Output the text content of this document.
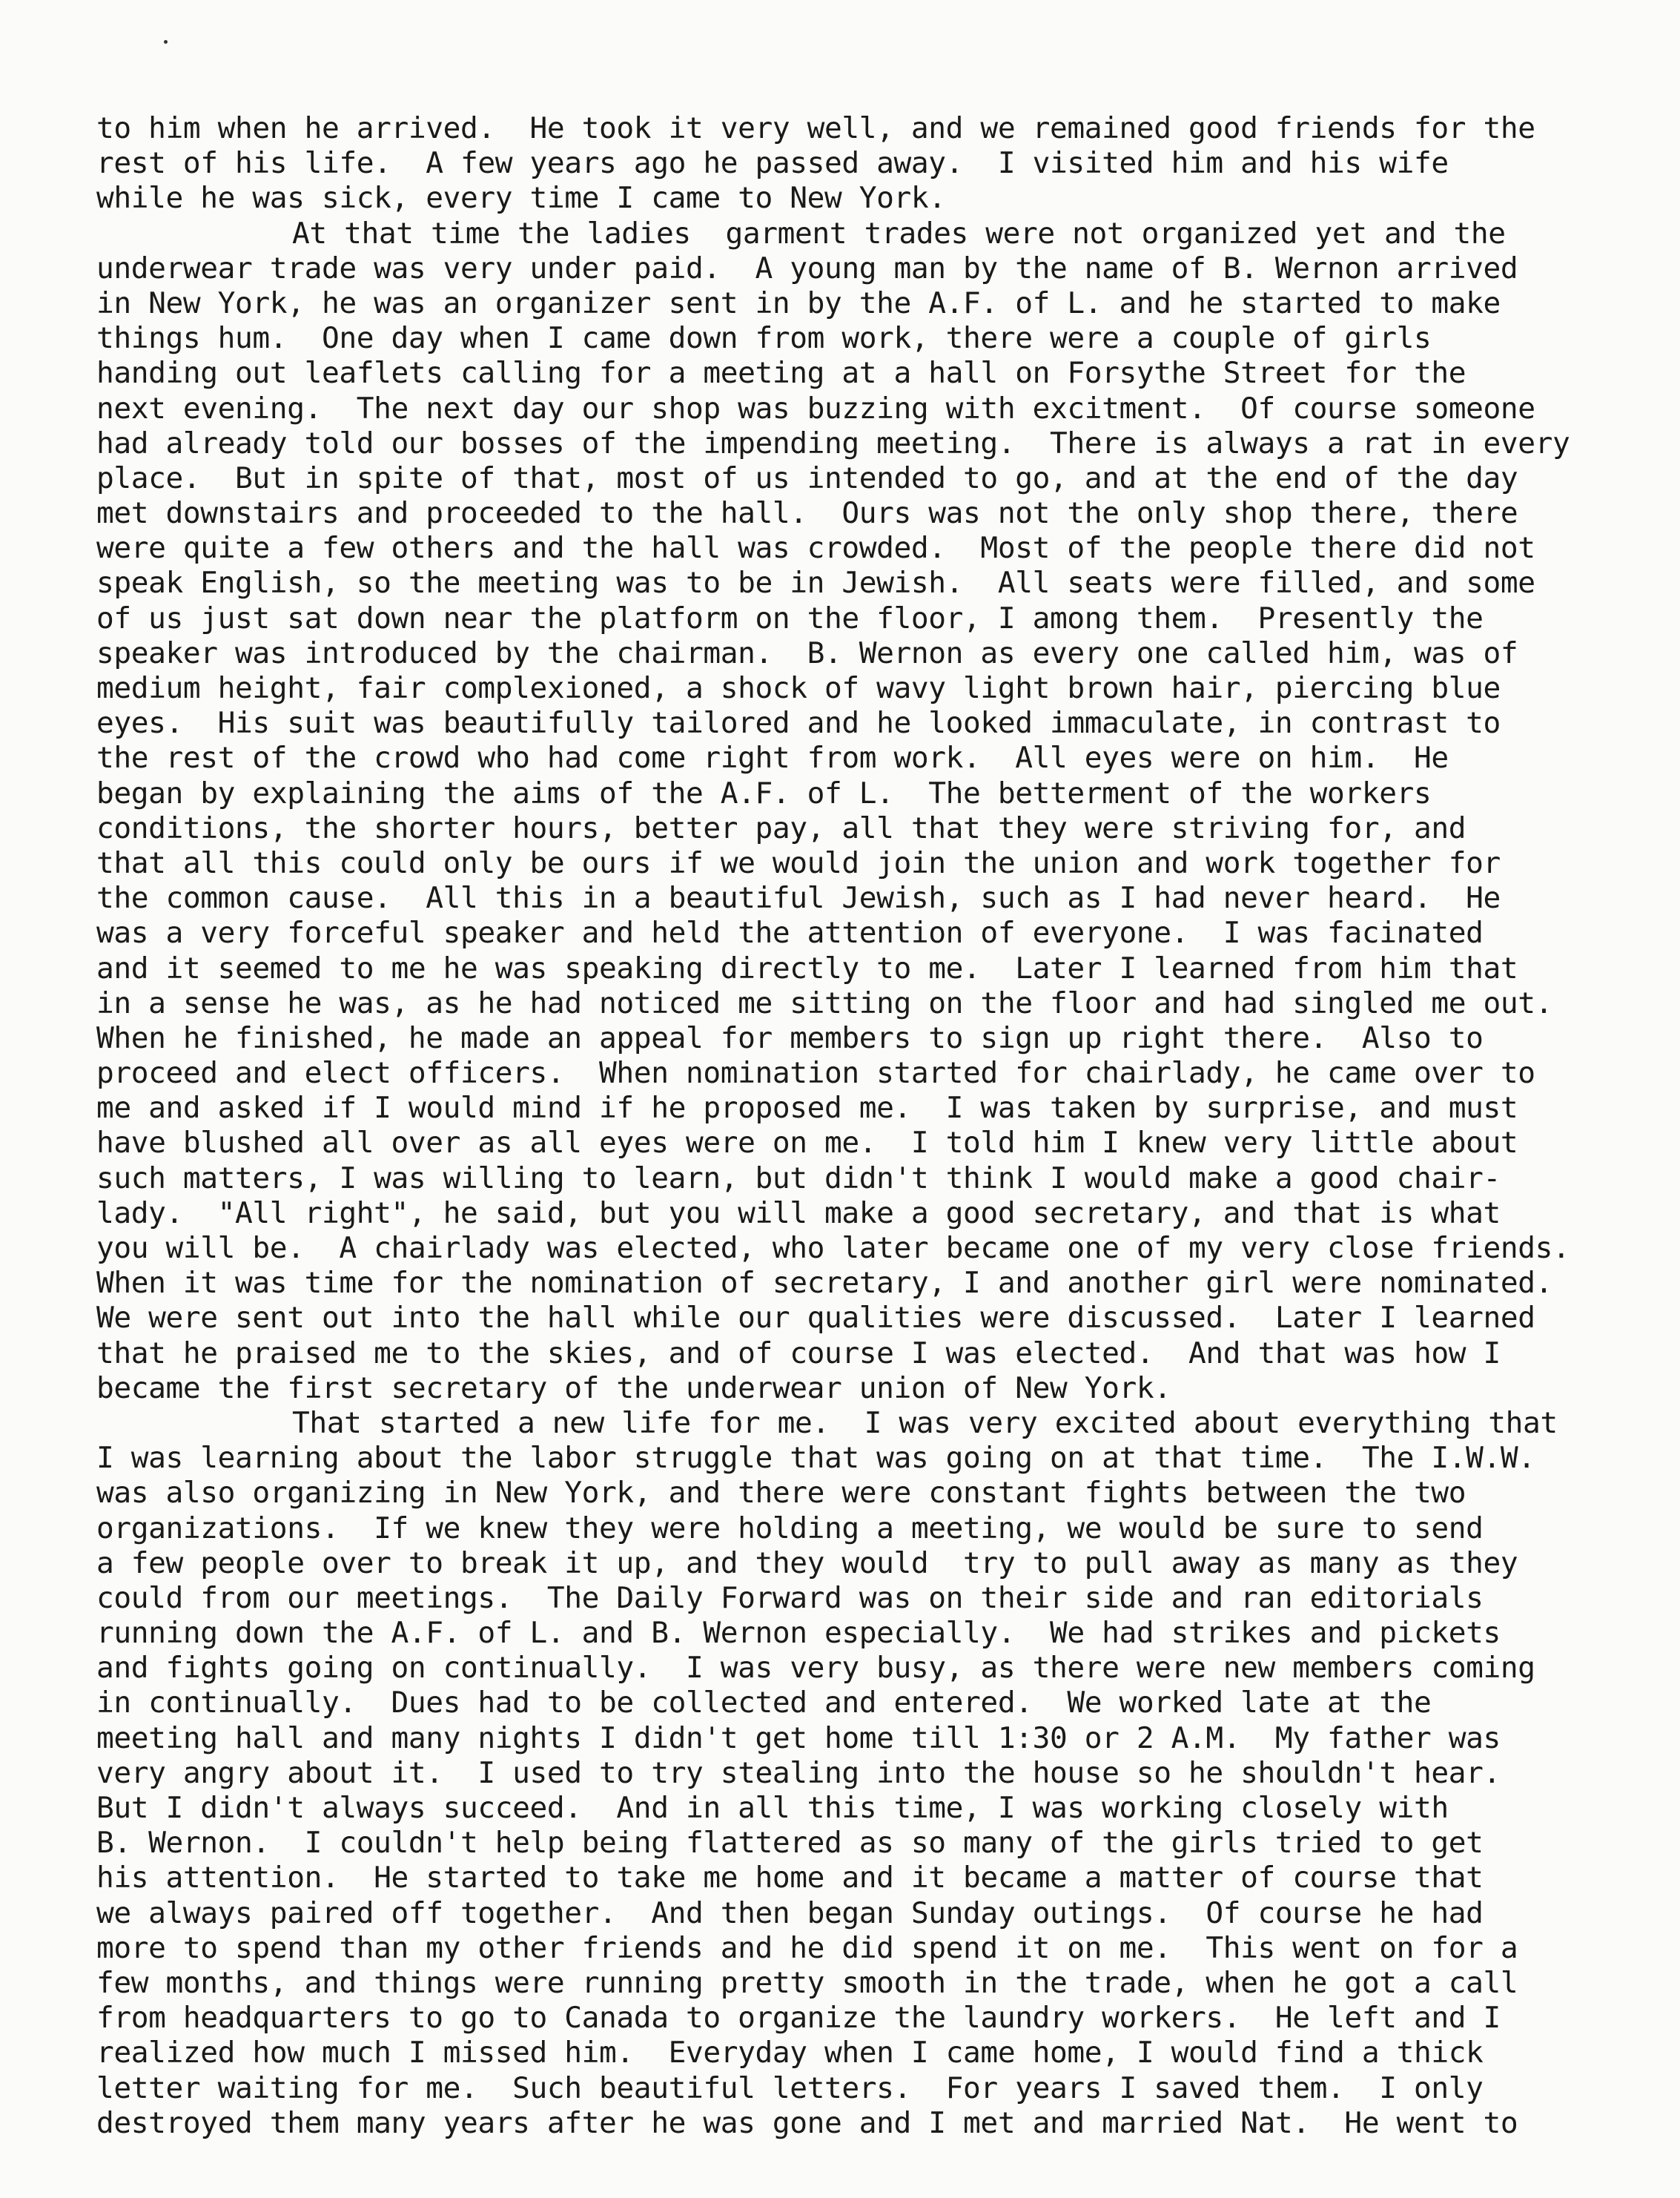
to him when he arrived.  He took it very well, and we remained good friends for the
rest of his life.  A few years ago he passed away.  I visited him and his wife
while he was sick, every time I came to New York.
At that time the ladies  garment trades were not organized yet and the
underwear trade was very under paid.  A young man by the name of B. Wernon arrived
in New York, he was an organizer sent in by the A.F. of L. and he started to make
things hum.  One day when I came down from work, there were a couple of girls
handing out leaflets calling for a meeting at a hall on Forsythe Street for the
next evening.  The next day our shop was buzzing with excitment.  Of course someone
had already told our bosses of the impending meeting.  There is always a rat in every
place.  But in spite of that, most of us intended to go, and at the end of the day
met downstairs and proceeded to the hall.  Ours was not the only shop there, there
were quite a few others and the hall was crowded.  Most of the people there did not
speak English, so the meeting was to be in Jewish.  All seats were filled, and some
of us just sat down near the platform on the floor, I among them.  Presently the
speaker was introduced by the chairman.  B. Wernon as every one called him, was of
medium height, fair complexioned, a shock of wavy light brown hair, piercing blue
eyes.  His suit was beautifully tailored and he looked immaculate, in contrast to
the rest of the crowd who had come right from work.  All eyes were on him.  He
began by explaining the aims of the A.F. of L.  The betterment of the workers
conditions, the shorter hours, better pay, all that they were striving for, and
that all this could only be ours if we would join the union and work together for
the common cause.  All this in a beautiful Jewish, such as I had never heard.  He
was a very forceful speaker and held the attention of everyone.  I was facinated
and it seemed to me he was speaking directly to me.  Later I learned from him that
in a sense he was, as he had noticed me sitting on the floor and had singled me out.
When he finished, he made an appeal for members to sign up right there.  Also to
proceed and elect officers.  When nomination started for chairlady, he came over to
me and asked if I would mind if he proposed me.  I was taken by surprise, and must
have blushed all over as all eyes were on me.  I told him I knew very little about
such matters, I was willing to learn, but didn't think I would make a good chair-
lady.  "All right", he said, but you will make a good secretary, and that is what
you will be.  A chairlady was elected, who later became one of my very close friends.
When it was time for the nomination of secretary, I and another girl were nominated.
We were sent out into the hall while our qualities were discussed.  Later I learned
that he praised me to the skies, and of course I was elected.  And that was how I
became the first secretary of the underwear union of New York.
That started a new life for me.  I was very excited about everything that
I was learning about the labor struggle that was going on at that time.  The I.W.W.
was also organizing in New York, and there were constant fights between the two
organizations.  If we knew they were holding a meeting, we would be sure to send
a few people over to break it up, and they would  try to pull away as many as they
could from our meetings.  The Daily Forward was on their side and ran editorials
running down the A.F. of L. and B. Wernon especially.  We had strikes and pickets
and fights going on continually.  I was very busy, as there were new members coming
in continually.  Dues had to be collected and entered.  We worked late at the
meeting hall and many nights I didn't get home till 1:30 or 2 A.M.  My father was
very angry about it.  I used to try stealing into the house so he shouldn't hear.
But I didn't always succeed.  And in all this time, I was working closely with
B. Wernon.  I couldn't help being flattered as so many of the girls tried to get
his attention.  He started to take me home and it became a matter of course that
we always paired off together.  And then began Sunday outings.  Of course he had
more to spend than my other friends and he did spend it on me.  This went on for a
few months, and things were running pretty smooth in the trade, when he got a call
from headquarters to go to Canada to organize the laundry workers.  He left and I
realized how much I missed him.  Everyday when I came home, I would find a thick
letter waiting for me.  Such beautiful letters.  For years I saved them.  I only
destroyed them many years after he was gone and I met and married Nat.  He went to
